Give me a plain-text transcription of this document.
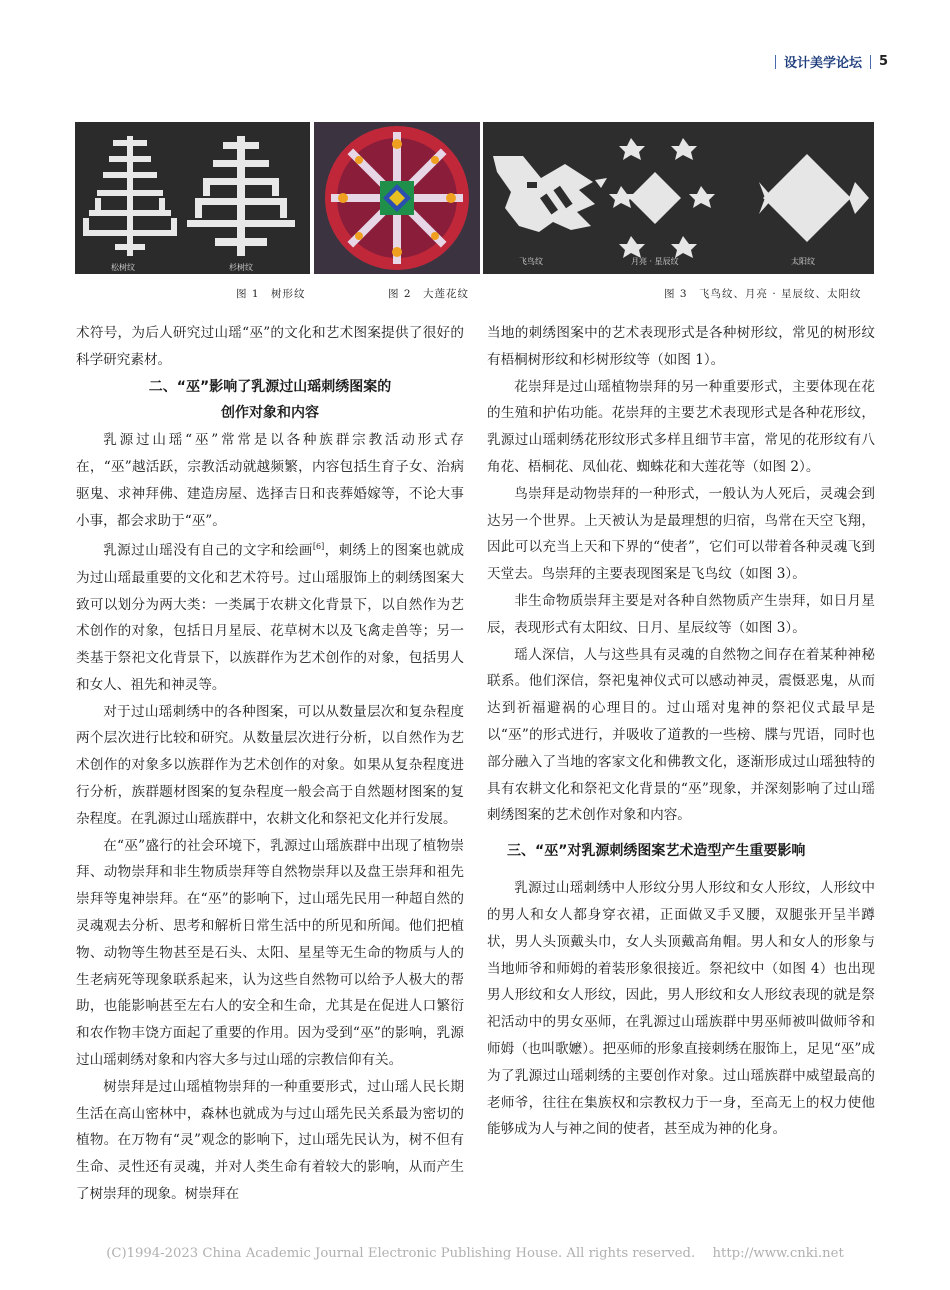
设计美学论坛 5
松树纹	杉树纹
飞鸟纹	月亮 · 星辰纹	太阳纹
图 1　树形纹	图 2　大莲花纹	图 3　飞鸟纹、月亮 · 星辰纹、太阳纹

术符号，为后人研究过山瑶“巫”的文化和艺术图案提供了很好的科学研究素材。

二、“巫”影响了乳源过山瑶刺绣图案的
创作对象和内容

乳源过山瑶“巫”常常是以各种族群宗教活动形式存在，“巫”越活跃，宗教活动就越频繁，内容包括生育子女、治病驱鬼、求神拜佛、建造房屋、选择吉日和丧葬婚嫁等，不论大事小事，都会求助于“巫”。

乳源过山瑶没有自己的文字和绘画[6]，刺绣上的图案也就成为过山瑶最重要的文化和艺术符号。过山瑶服饰上的刺绣图案大致可以划分为两大类：一类属于农耕文化背景下，以自然作为艺术创作的对象，包括日月星辰、花草树木以及飞禽走兽等；另一类基于祭祀文化背景下，以族群作为艺术创作的对象，包括男人和女人、祖先和神灵等。

对于过山瑶刺绣中的各种图案，可以从数量层次和复杂程度两个层次进行比较和研究。从数量层次进行分析，以自然作为艺术创作的对象多以族群作为艺术创作的对象。如果从复杂程度进行分析，族群题材图案的复杂程度一般会高于自然题材图案的复杂程度。在乳源过山瑶族群中，农耕文化和祭祀文化并行发展。

在“巫”盛行的社会环境下，乳源过山瑶族群中出现了植物崇拜、动物崇拜和非生物质崇拜等自然物崇拜以及盘王崇拜和祖先崇拜等鬼神崇拜。在“巫”的影响下，过山瑶先民用一种超自然的灵魂观去分析、思考和解析日常生活中的所见和所闻。他们把植物、动物等生物甚至是石头、太阳、星星等无生命的物质与人的生老病死等现象联系起来，认为这些自然物可以给予人极大的帮助，也能影响甚至左右人的安全和生命，尤其是在促进人口繁衍和农作物丰饶方面起了重要的作用。因为受到“巫”的影响，乳源过山瑶刺绣对象和内容大多与过山瑶的宗教信仰有关。

树崇拜是过山瑶植物崇拜的一种重要形式，过山瑶人民长期生活在高山密林中，森林也就成为与过山瑶先民关系最为密切的植物。在万物有“灵”观念的影响下，过山瑶先民认为，树不但有生命、灵性还有灵魂，并对人类生命有着较大的影响，从而产生了树崇拜的现象。树崇拜在

当地的刺绣图案中的艺术表现形式是各种树形纹，常见的树形纹有梧桐树形纹和杉树形纹等（如图 1）。

花崇拜是过山瑶植物崇拜的另一种重要形式，主要体现在花的生殖和护佑功能。花崇拜的主要艺术表现形式是各种花形纹，乳源过山瑶刺绣花形纹形式多样且细节丰富，常见的花形纹有八角花、梧桐花、凤仙花、蜘蛛花和大莲花等（如图 2）。

鸟崇拜是动物崇拜的一种形式，一般认为人死后，灵魂会到达另一个世界。上天被认为是最理想的归宿，鸟常在天空飞翔，因此可以充当上天和下界的“使者”，它们可以带着各种灵魂飞到天堂去。鸟崇拜的主要表现图案是飞鸟纹（如图 3）。

非生命物质崇拜主要是对各种自然物质产生崇拜，如日月星辰，表现形式有太阳纹、日月、星辰纹等（如图 3）。

瑶人深信，人与这些具有灵魂的自然物之间存在着某种神秘联系。他们深信，祭祀鬼神仪式可以感动神灵，震慑恶鬼，从而达到祈福避祸的心理目的。过山瑶对鬼神的祭祀仪式最早是以“巫”的形式进行，并吸收了道教的一些榜、牒与咒语，同时也部分融入了当地的客家文化和佛教文化，逐渐形成过山瑶独特的具有农耕文化和祭祀文化背景的“巫”现象，并深刻影响了过山瑶刺绣图案的艺术创作对象和内容。

三、“巫”对乳源刺绣图案艺术造型产生重要影响

乳源过山瑶刺绣中人形纹分男人形纹和女人形纹，人形纹中的男人和女人都身穿衣裙，正面做叉手叉腰，双腿张开呈半蹲状，男人头顶戴头巾，女人头顶戴高角帽。男人和女人的形象与当地师爷和师姆的着装形象很接近。祭祀纹中（如图 4）也出现男人形纹和女人形纹，因此，男人形纹和女人形纹表现的就是祭祀活动中的男女巫师，在乳源过山瑶族群中男巫师被叫做师爷和师姆（也叫歌嬷）。把巫师的形象直接刺绣在服饰上，足见“巫”成为了乳源过山瑶刺绣的主要创作对象。过山瑶族群中威望最高的老师爷，往往在集族权和宗教权力于一身，至高无上的权力使他能够成为人与神之间的使者，甚至成为神的化身。

(C)1994-2023 China Academic Journal Electronic Publishing House. All rights reserved.　 http://www.cnki.net
